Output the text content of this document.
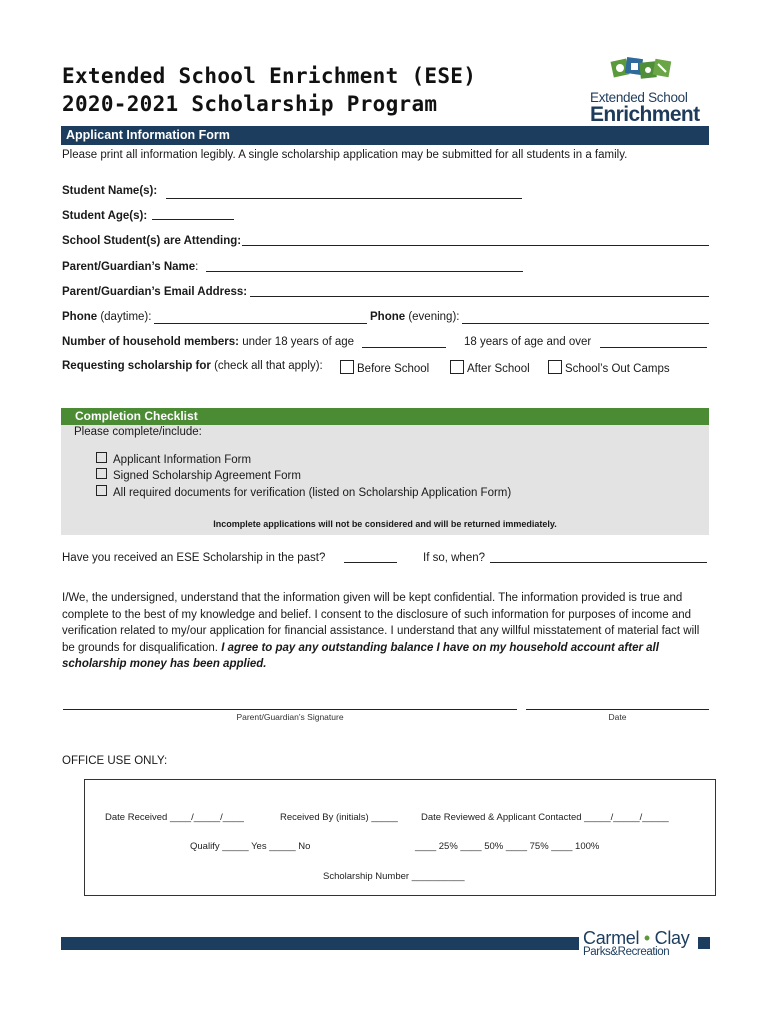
Extended School Enrichment (ESE)
2020-2021 Scholarship Program	Extended School
Enrichment
Applicant Information Form
Please print all information legibly. A single scholarship application may be submitted for all students in a family.
Student Name(s):
Student Age(s):
School Student(s) are Attending:
Parent/Guardian’s Name:
Parent/Guardian’s Email Address:
Phone (daytime):	Phone (evening):
Number of household members: under 18 years of age	18 years of age and over
Requesting scholarship for (check all that apply):	Before School	After School	School’s Out Camps
Completion Checklist
Please complete/include:
Applicant Information Form
Signed Scholarship Agreement Form
All required documents for verification (listed on Scholarship Application Form)
Incomplete applications will not be considered and will be returned immediately.
Have you received an ESE Scholarship in the past?	If so, when?
I/We, the undersigned, understand that the information given will be kept confidential. The information provided is true and complete to the best of my knowledge and belief. I consent to the disclosure of such information for purposes of income and verification related to my/our application for financial assistance. I understand that any willful misstatement of material fact will be grounds for disqualification. I agree to pay any outstanding balance I have on my household account after all scholarship money has been applied.
Parent/Guardian’s Signature	Date
OFFICE USE ONLY:
Date Received ____/_____/____	Received By (initials) _____ Date Reviewed & Applicant Contacted _____/_____/_____
Qualify _____ Yes _____ No	____ 25% ____ 50% ____ 75% ____ 100%
Scholarship Number __________
Carmel • Clay
Parks&Recreation
